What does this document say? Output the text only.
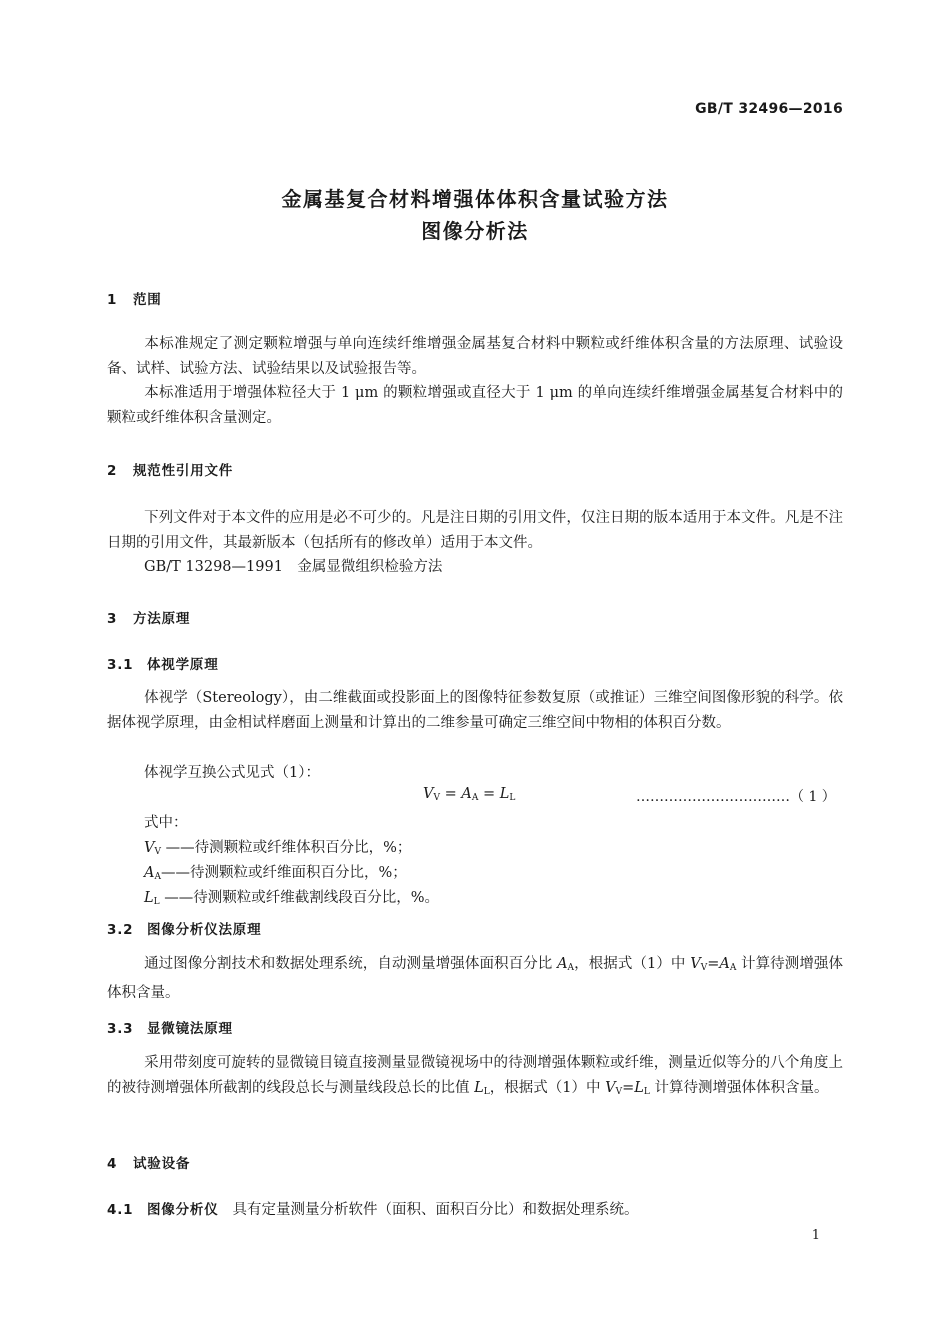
GB/T 32496—2016
金属基复合材料增强体体积含量试验方法
图像分析法
1 范围
本标准规定了测定颗粒增强与单向连续纤维增强金属基复合材料中颗粒或纤维体积含量的方法原理、试验设备、试样、试验方法、试验结果以及试验报告等。
本标准适用于增强体粒径大于 1 μm 的颗粒增强或直径大于 1 μm 的单向连续纤维增强金属基复合材料中的颗粒或纤维体积含量测定。
2 规范性引用文件
下列文件对于本文件的应用是必不可少的。凡是注日期的引用文件，仅注日期的版本适用于本文件。凡是不注日期的引用文件，其最新版本（包括所有的修改单）适用于本文件。
GB/T 13298—1991　金属显微组织检验方法
3 方法原理
3.1 体视学原理
体视学（Stereology），由二维截面或投影面上的图像特征参数复原（或推证）三维空间图像形貌的科学。依据体视学原理，由金相试样磨面上测量和计算出的二维参量可确定三维空间中物相的体积百分数。
体视学互换公式见式（1）：
$V_V = A_A = L_L$	……………………………（ 1 ）
式中：
$V_V$ ——待测颗粒或纤维体积百分比，%；
$A_A——$待测颗粒或纤维面积百分比，%；
$L_L$ ——待测颗粒或纤维截割线段百分比，%。
3.2 图像分析仪法原理
通过图像分割技术和数据处理系统，自动测量增强体面积百分比 $A_A$，根据式（1）中 $V_V=A_A$ 计算待测增强体体积含量。
3.3 显微镜法原理
采用带刻度可旋转的显微镜目镜直接测量显微镜视场中的待测增强体颗粒或纤维，测量近似等分的八个角度上的被待测增强体所截割的线段总长与测量线段总长的比值 $L_L$，根据式（1）中 $V_V=L_L$ 计算待测增强体体积含量。
4 试验设备
4.1 图像分析仪 具有定量测量分析软件（面积、面积百分比）和数据处理系统。
1
